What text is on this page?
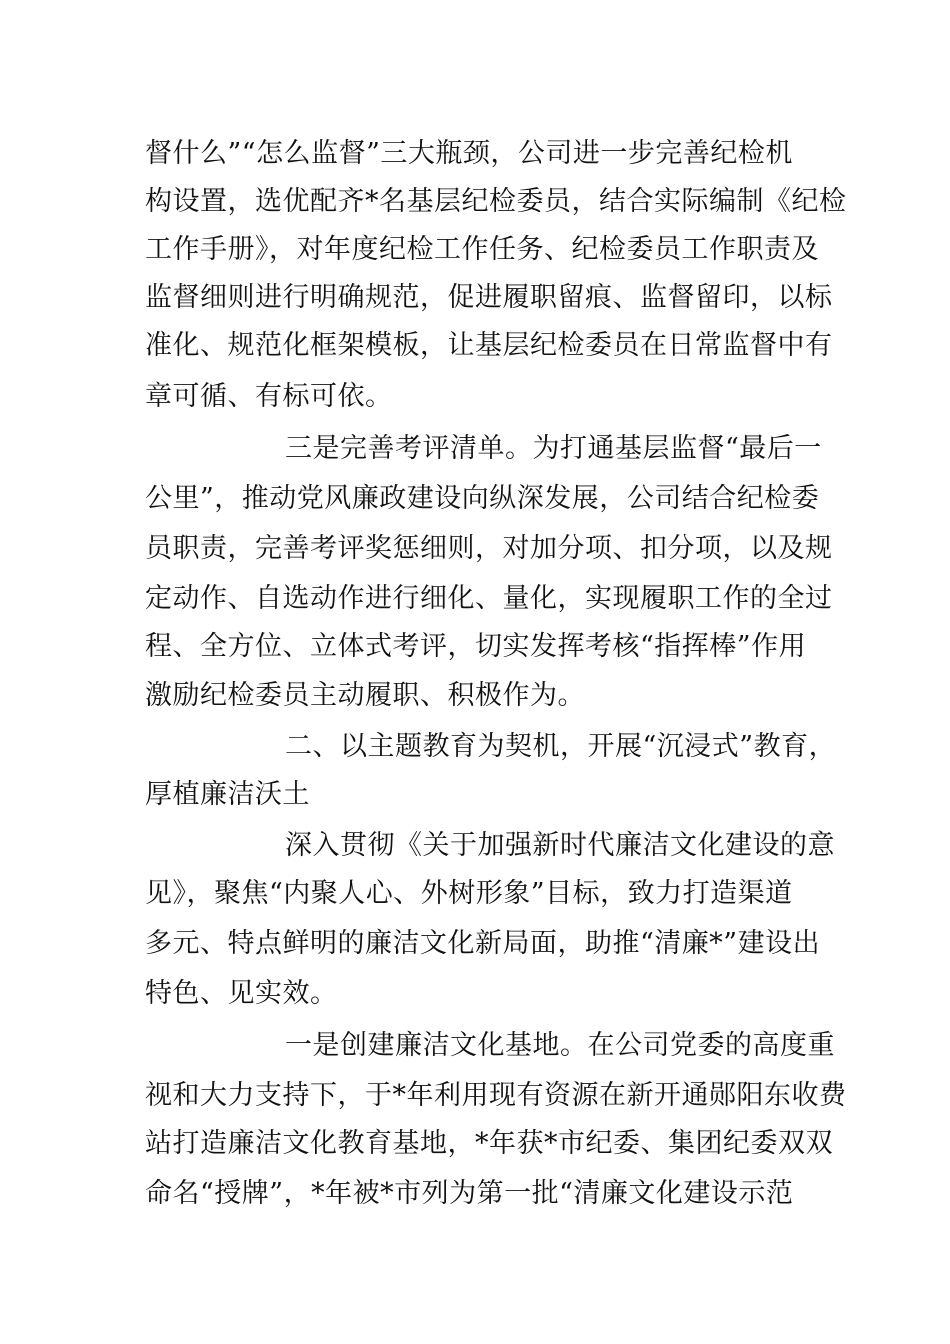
督什么”“怎么监督”三大瓶颈，公司进一步完善纪检机
构设置，选优配齐*名基层纪检委员，结合实际编制《纪检
工作手册》，对年度纪检工作任务、纪检委员工作职责及
监督细则进行明确规范，促进履职留痕、监督留印，以标
准化、规范化框架模板，让基层纪检委员在日常监督中有
章可循、有标可依。
三是完善考评清单。为打通基层监督“最后一
公里”，推动党风廉政建设向纵深发展，公司结合纪检委
员职责，完善考评奖惩细则，对加分项、扣分项，以及规
定动作、自选动作进行细化、量化，实现履职工作的全过
程、全方位、立体式考评，切实发挥考核“指挥棒”作用
激励纪检委员主动履职、积极作为。
二、以主题教育为契机，开展“沉浸式”教育，
厚植廉洁沃土
深入贯彻《关于加强新时代廉洁文化建设的意
见》，聚焦“内聚人心、外树形象”目标，致力打造渠道
多元、特点鲜明的廉洁文化新局面，助推“清廉*”建设出
特色、见实效。
一是创建廉洁文化基地。在公司党委的高度重
视和大力支持下，于*年利用现有资源在新开通郧阳东收费
站打造廉洁文化教育基地，*年获*市纪委、集团纪委双双
命名“授牌”，*年被*市列为第一批“清廉文化建设示范
